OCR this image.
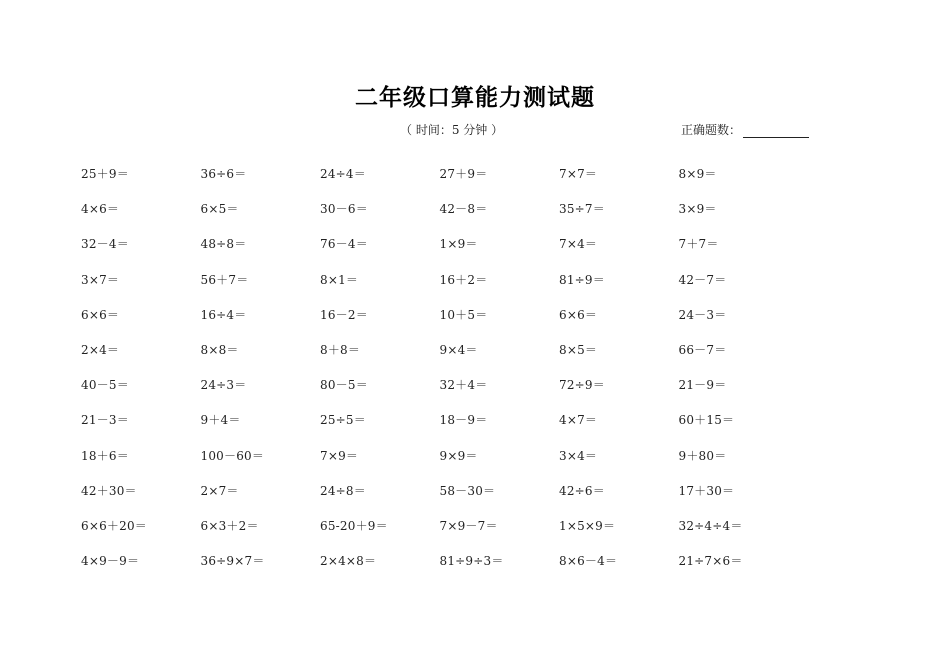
二年级口算能力测试题
（ 时间：5 分钟 ）	正确题数：
25＋9＝	36÷6＝	24÷4＝	27＋9＝	7×7＝	8×9＝
4×6＝	6×5＝	30－6＝	42－8＝	35÷7＝	3×9＝
32－4＝	48÷8＝	76－4＝	1×9＝	7×4＝	7＋7＝
3×7＝	56＋7＝	8×1＝	16＋2＝	81÷9＝	42－7＝
6×6＝	16÷4＝	16－2＝	10＋5＝	6×6＝	24－3＝
2×4＝	8×8＝	8＋8＝	9×4＝	8×5＝	66－7＝
40－5＝	24÷3＝	80－5＝	32＋4＝	72÷9＝	21－9＝
21－3＝	9＋4＝	25÷5＝	18－9＝	4×7＝	60＋15＝
18＋6＝	100－60＝	7×9＝	9×9＝	3×4＝	9＋80＝
42＋30＝	2×7＝	24÷8＝	58－30＝	42÷6＝	17＋30＝
6×6＋20＝	6×3＋2＝	65-20＋9＝	7×9－7＝	1×5×9＝	32÷4÷4＝
4×9－9＝	36÷9×7＝	2×4×8＝	81÷9÷3＝	8×6－4＝	21÷7×6＝
